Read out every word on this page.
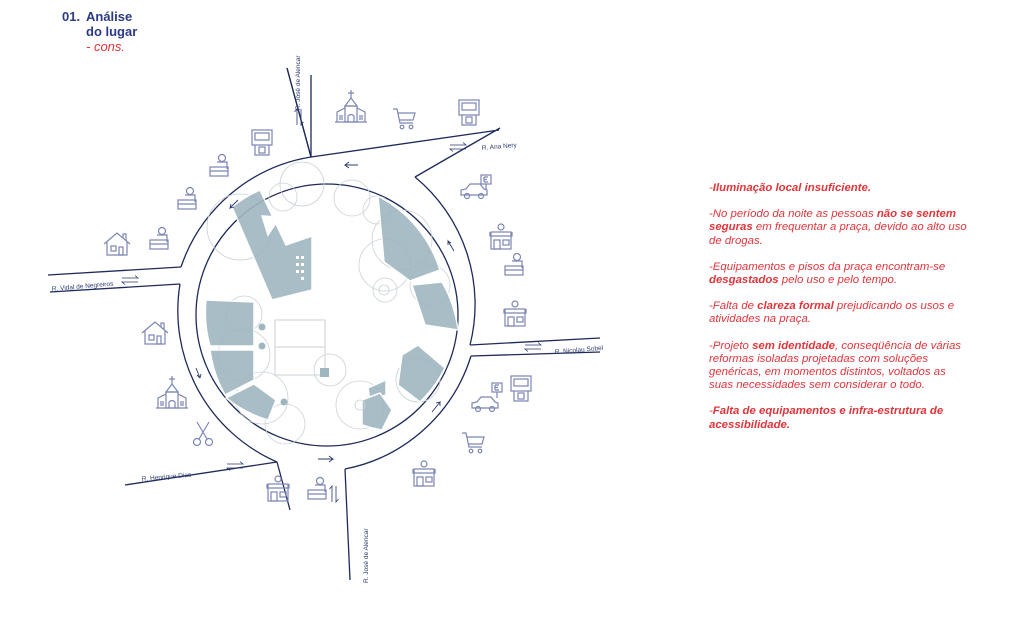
01. Análise
do lugar
- cons.
R. José de Alencar
R. Ana Nery
R. Vidal de Negreiros
R. Nicolau Sobel
R. Henrique Dias
R. José de Alencar

-Iluminação local insuficiente.

-No período da noite as pessoas não se sentem seguras em frequentar a praça, devido ao alto uso de drogas.

-Equipamentos e pisos da praça encontram-se desgastados pelo uso e pelo tempo.

-Falta de clareza formal prejudicando os usos e atividades na praça.

-Projeto sem identidade, conseqüência de várias reformas isoladas projetadas com soluções genéricas, em momentos distintos, voltados as suas necessidades sem considerar o todo.

-Falta de equipamentos e infra-estrutura de acessibilidade.
